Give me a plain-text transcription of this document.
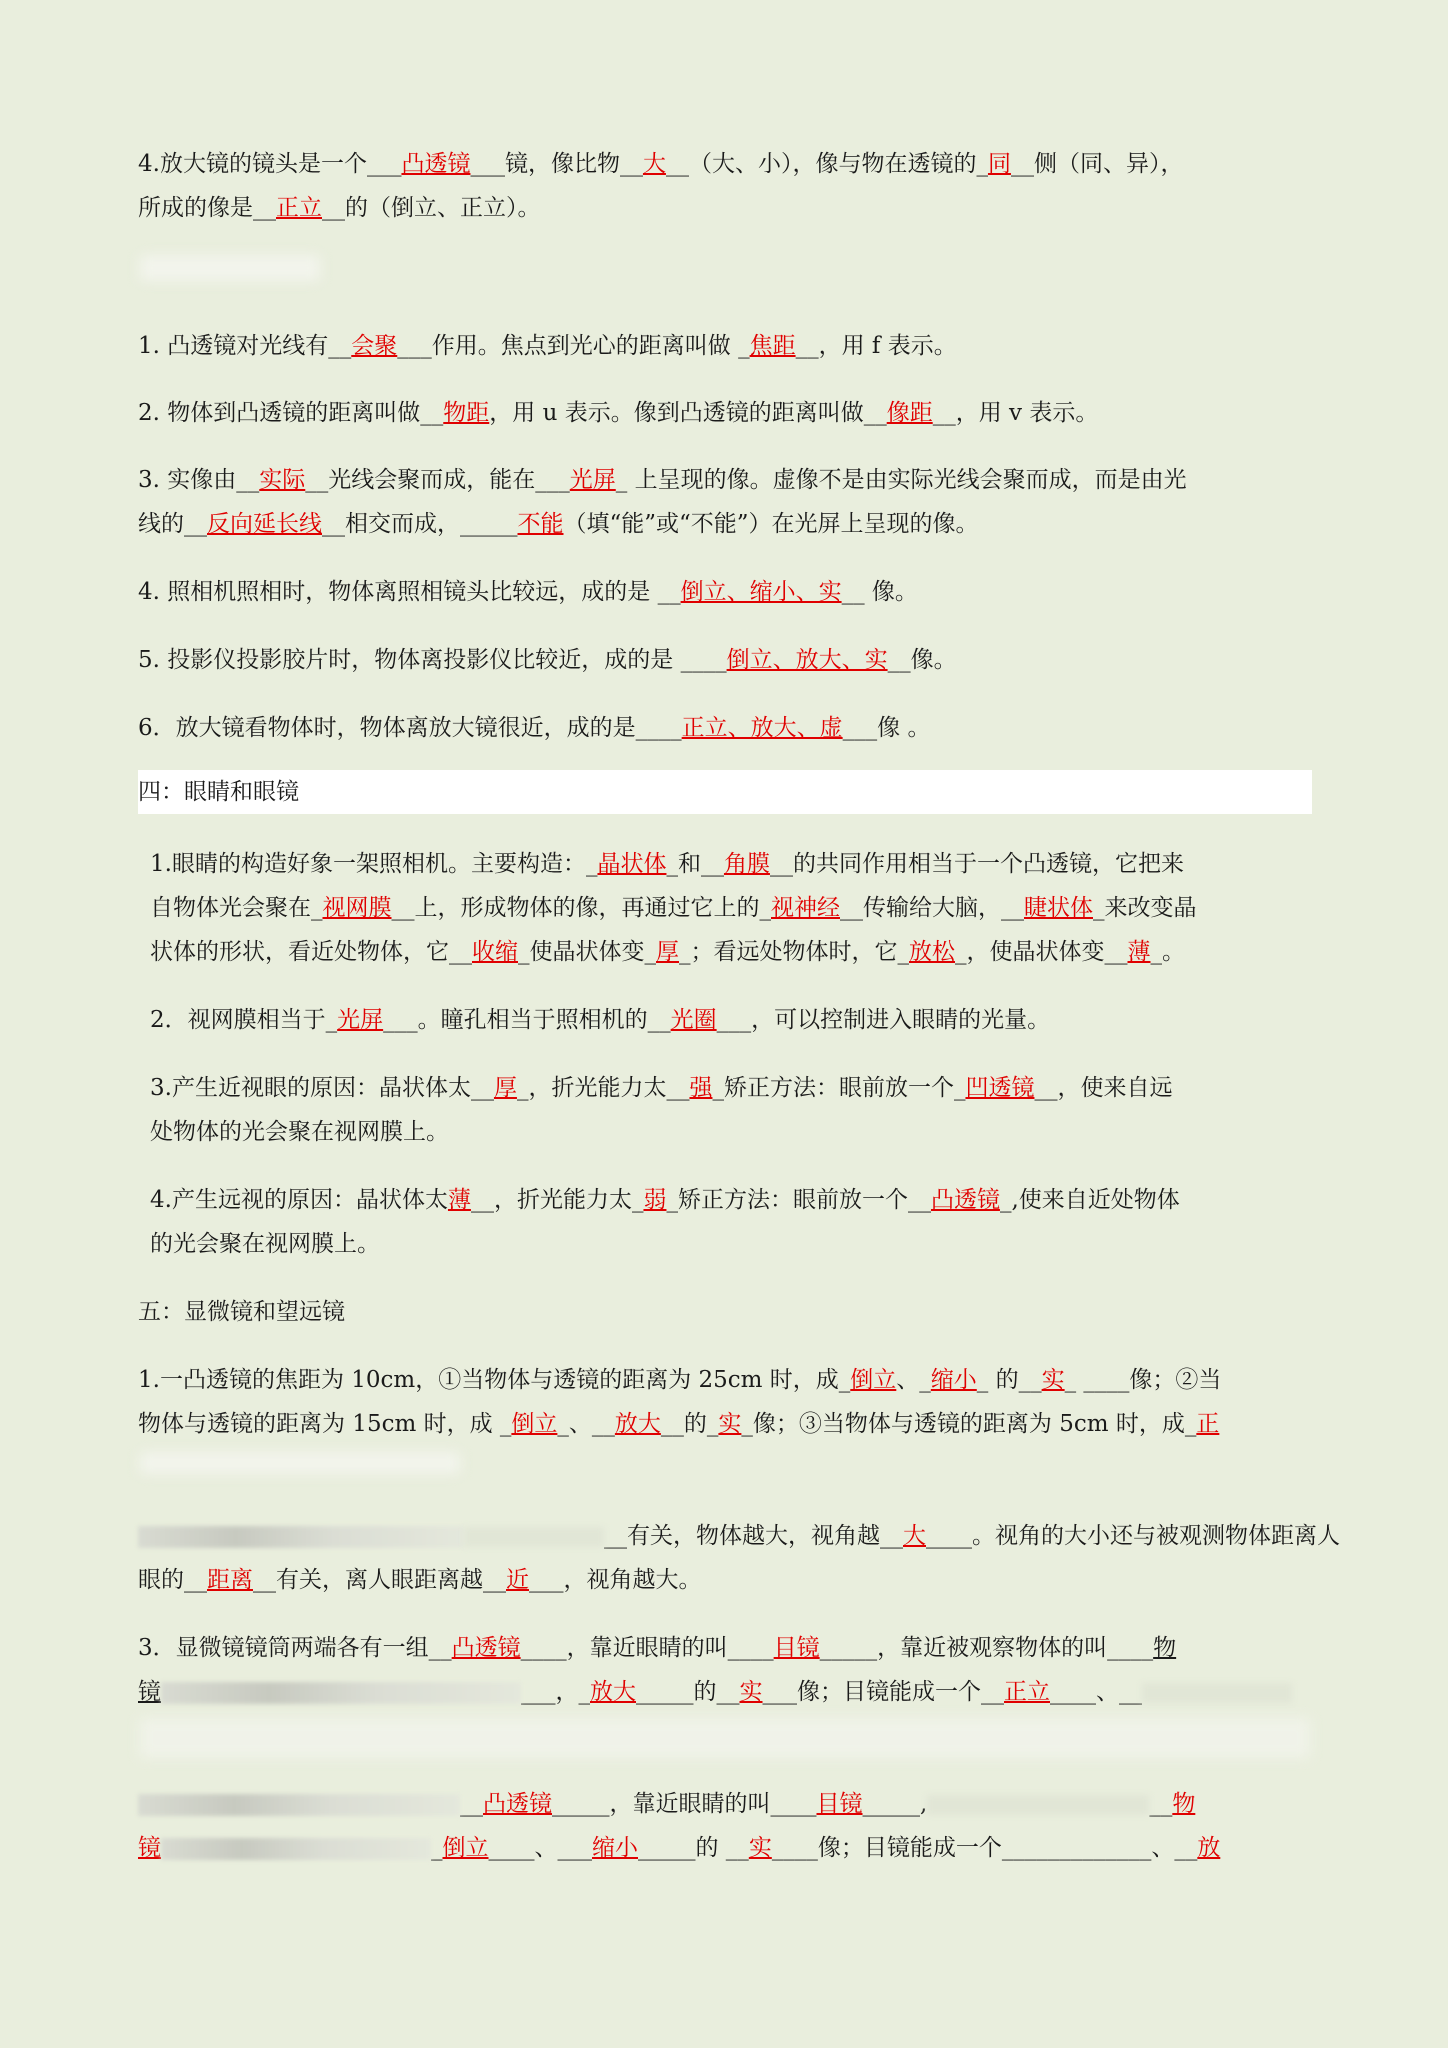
4.放大镜的镜头是一个___凸透镜___镜，像比物__大__（大、小），像与物在透镜的_同__侧（同、异），
所成的像是__正立__的（倒立、正立）。
1. 凸透镜对光线有__会聚___作用。焦点到光心的距离叫做 _焦距__，用 f 表示。
2. 物体到凸透镜的距离叫做__物距，用 u 表示。像到凸透镜的距离叫做__像距__，用 v 表示。
3. 实像由__实际__光线会聚而成，能在___光屏_ 上呈现的像。虚像不是由实际光线会聚而成，而是由光
线的__反向延长线__相交而成，_____不能（填“能”或“不能”）在光屏上呈现的像。
4. 照相机照相时，物体离照相镜头比较远，成的是 __倒立、缩小、实__ 像。
5. 投影仪投影胶片时，物体离投影仪比较近，成的是 ____倒立、放大、实__像。
6．放大镜看物体时，物体离放大镜很近，成的是____正立、放大、虚___像 。
四：眼睛和眼镜
1.眼睛的构造好象一架照相机。主要构造：_晶状体_和__角膜__的共同作用相当于一个凸透镜，它把来
自物体光会聚在_视网膜__上，形成物体的像，再通过它上的_视神经__传输给大脑，__睫状体_来改变晶
状体的形状，看近处物体，它__收缩_使晶状体变_厚_；看远处物体时，它_放松_，使晶状体变__薄_。
2．视网膜相当于_光屏___。瞳孔相当于照相机的__光圈___，可以控制进入眼睛的光量。
3.产生近视眼的原因：晶状体太__厚_，折光能力太__强_矫正方法：眼前放一个_凹透镜__，使来自远
处物体的光会聚在视网膜上。
4.产生远视的原因：晶状体太薄__，折光能力太_弱_矫正方法：眼前放一个__凸透镜_,使来自近处物体
的光会聚在视网膜上。
五：显微镜和望远镜
1.一凸透镜的焦距为 10cm，①当物体与透镜的距离为 25cm 时，成_倒立、_缩小_ 的__实_ ____像；②当
物体与透镜的距离为 15cm 时，成 _倒立_、__放大__的_实_像；③当物体与透镜的距离为 5cm 时，成_正
__有关，物体越大，视角越__大____。视角的大小还与被观测物体距离人
眼的__距离__有关，离人眼距离越__近___，视角越大。
3．显微镜镜筒两端各有一组__凸透镜____，靠近眼睛的叫____目镜_____，靠近被观察物体的叫____物
镜	___，_放大_____的__实___像；目镜能成一个__正立____、__
__凸透镜_____，靠近眼睛的叫____目镜_____,	__物
镜	_倒立____、___缩小_____的 __实____像；目镜能成一个_____________、__放
